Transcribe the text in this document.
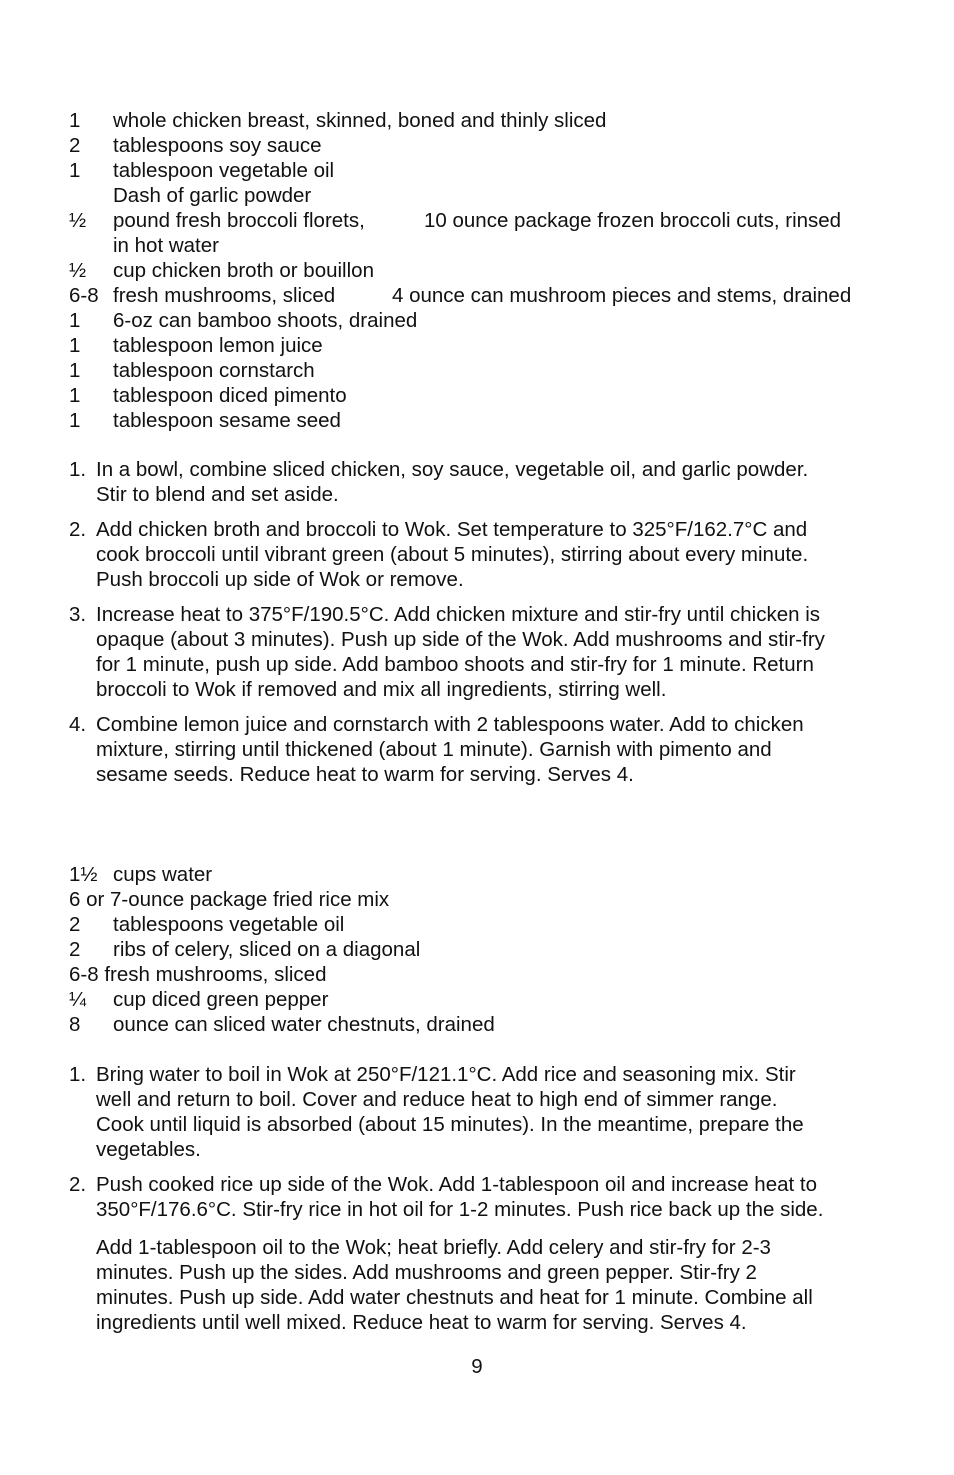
1 whole chicken breast, skinned, boned and thinly sliced
2 tablespoons soy sauce
1 tablespoon vegetable oil
Dash of garlic powder
½ pound fresh broccoli florets,	10 ounce package frozen broccoli cuts, rinsed
in hot water
½ cup chicken broth or bouillon
6-8 fresh mushrooms, sliced	4 ounce can mushroom pieces and stems, drained
1 6-oz can bamboo shoots, drained
1 tablespoon lemon juice
1 tablespoon cornstarch
1 tablespoon diced pimento
1 tablespoon sesame seed
1. In a bowl, combine sliced chicken, soy sauce, vegetable oil, and garlic powder.
Stir to blend and set aside.
2. Add chicken broth and broccoli to Wok. Set temperature to 325°F/162.7°C and
cook broccoli until vibrant green (about 5 minutes), stirring about every minute.
Push broccoli up side of Wok or remove.
3. Increase heat to 375°F/190.5°C. Add chicken mixture and stir-fry until chicken is
opaque (about 3 minutes). Push up side of the Wok. Add mushrooms and stir-fry
for 1 minute, push up side. Add bamboo shoots and stir-fry for 1 minute. Return
broccoli to Wok if removed and mix all ingredients, stirring well.
4. Combine lemon juice and cornstarch with 2 tablespoons water. Add to chicken
mixture, stirring until thickened (about 1 minute). Garnish with pimento and
sesame seeds. Reduce heat to warm for serving. Serves 4.
1½ cups water
6 or 7-ounce package fried rice mix
2 tablespoons vegetable oil
2 ribs of celery, sliced on a diagonal
6-8 fresh mushrooms, sliced
¼ cup diced green pepper
8 ounce can sliced water chestnuts, drained
1. Bring water to boil in Wok at 250°F/121.1°C. Add rice and seasoning mix. Stir
well and return to boil. Cover and reduce heat to high end of simmer range.
Cook until liquid is absorbed (about 15 minutes). In the meantime, prepare the
vegetables.
2. Push cooked rice up side of the Wok. Add 1-tablespoon oil and increase heat to
350°F/176.6°C. Stir-fry rice in hot oil for 1-2 minutes. Push rice back up the side.
Add 1-tablespoon oil to the Wok; heat briefly. Add celery and stir-fry for 2-3
minutes. Push up the sides. Add mushrooms and green pepper. Stir-fry 2
minutes. Push up side. Add water chestnuts and heat for 1 minute. Combine all
ingredients until well mixed. Reduce heat to warm for serving. Serves 4.
9
